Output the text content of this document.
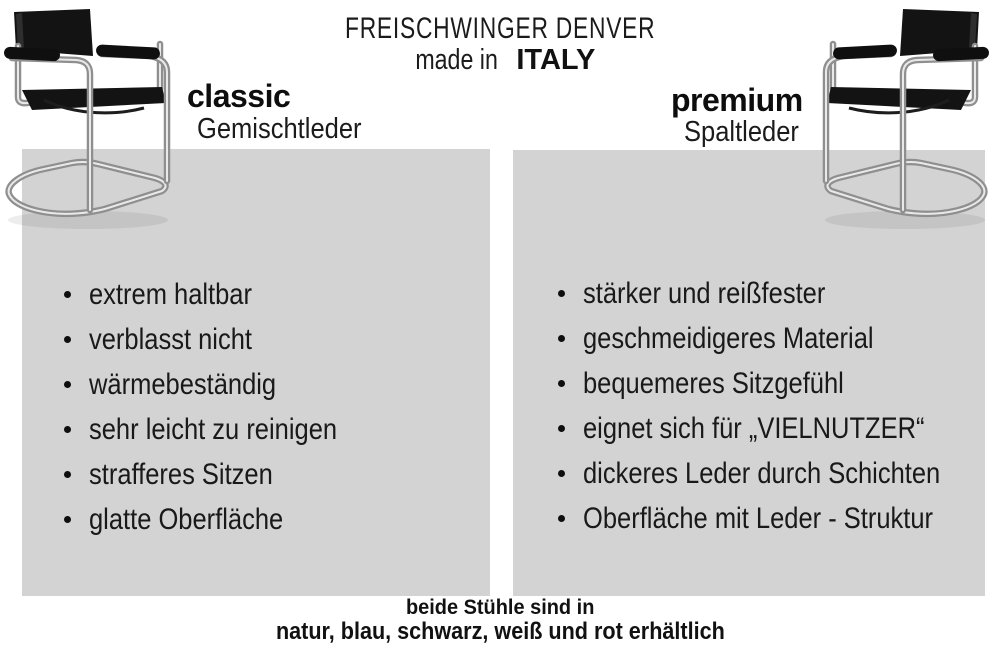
FREISCHWINGER DENVER
made in ITALY
classic
Gemischtleder
premium
Spaltleder
extrem haltbar
verblasst nicht
wärmebeständig
sehr leicht zu reinigen
strafferes Sitzen
glatte Oberfläche
stärker und reißfester
geschmeidigeres Material
bequemeres Sitzgefühl
eignet sich für „VIELNUTZER“
dickeres Leder durch Schichten
Oberfläche mit Leder - Struktur
beide Stühle sind in
natur, blau, schwarz, weiß und rot erhältlich
